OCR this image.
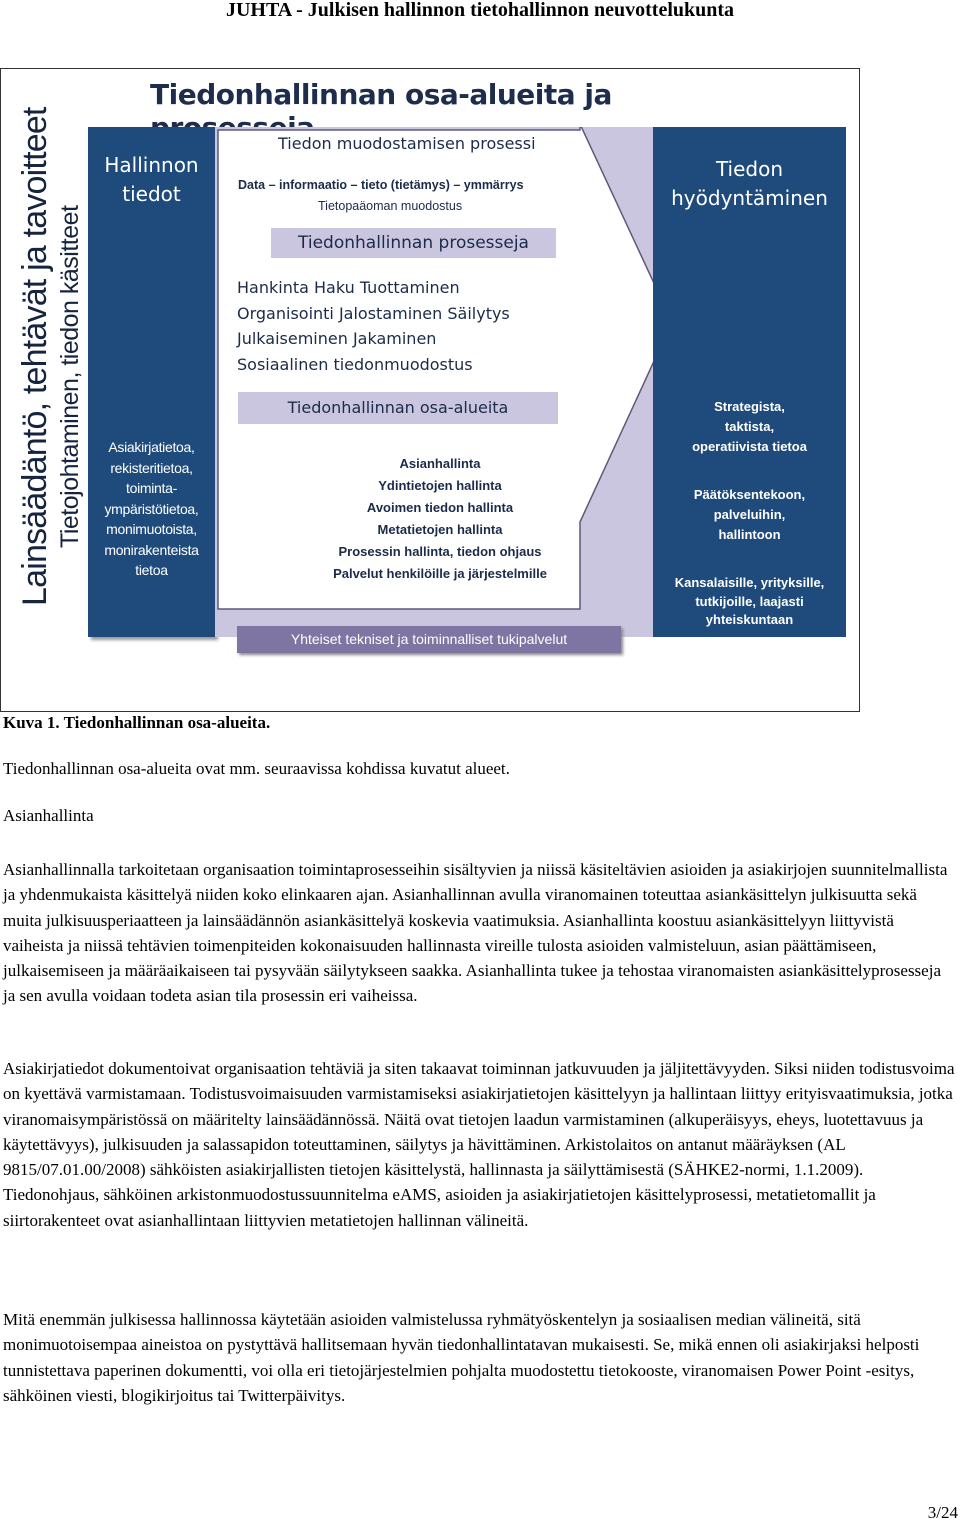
JUHTA - Julkisen hallinnon tietohallinnon neuvottelukunta
Tiedonhallinnan osa-alueita ja
Lainsäädäntö, tehtävät ja tavoitteet Tietojohtaminen, tiedon käsitteet
Hallinnon
tiedot
Asiakirjatietoa,
rekisteritietoa,
toiminta-
ympäristötietoa,
monimuotoista,
monirakenteista
tietoa
Tiedon muodostamisen prosessi
Data – informaatio – tieto (tietämys) – ymmärrys
Tietopaäoman muodostus
Tiedonhallinnan prosesseja
Hankinta Haku Tuottaminen
Organisointi Jalostaminen Säilytys
Julkaiseminen Jakaminen
Sosiaalinen tiedonmuodostus
Tiedonhallinnan osa-alueita
Asianhallinta
Ydintietojen hallinta
Avoimen tiedon hallinta
Metatietojen hallinta
Prosessin hallinta, tiedon ohjaus
Palvelut henkilöille ja järjestelmille
Tiedon
hyödyntäminen
Strategista,
taktista,
operatiivista tietoa
Päätöksentekoon,
palveluihin,
hallintoon
Kansalaisille, yrityksille,
tutkijoille, laajasti
yhteiskuntaan
Yhteiset tekniset ja toiminnalliset tukipalvelut
Kuva 1. Tiedonhallinnan osa-alueita.
Tiedonhallinnan osa-alueita ovat mm. seuraavissa kohdissa kuvatut alueet.
Asianhallinta
Asianhallinnalla tarkoitetaan organisaation toimintaprosesseihin sisältyvien ja niissä käsiteltävien asioiden ja asiakirjojen suunnitelmallista ja yhdenmukaista käsittelyä niiden koko elinkaaren ajan. Asianhallinnan avulla viranomainen toteuttaa asiankäsittelyn julkisuutta sekä muita julkisuusperiaatteen ja lainsäädännön asiankäsittelyä koskevia vaatimuksia. Asianhallinta koostuu asiankäsittelyyn liittyvistä vaiheista ja niissä tehtävien toimenpiteiden kokonaisuuden hallinnasta vireille tulosta asioiden valmisteluun, asian päättämiseen, julkaisemiseen ja määräaikaiseen tai pysyvään säilytykseen saakka. Asianhallinta tukee ja tehostaa viranomaisten asiankäsittelyprosesseja ja sen avulla voidaan todeta asian tila prosessin eri vaiheissa.
Asiakirjatiedot dokumentoivat organisaation tehtäviä ja siten takaavat toiminnan jatkuvuuden ja jäljitettävyyden. Siksi niiden todistusvoima on kyettävä varmistamaan. Todistusvoimaisuuden varmistamiseksi asiakirjatietojen käsittelyyn ja hallintaan liittyy erityisvaatimuksia, jotka viranomaisympäristössä on määritelty lainsäädännössä. Näitä ovat tietojen laadun varmistaminen (alkuperäisyys, eheys, luotettavuus ja käytettävyys), julkisuuden ja salassapidon toteuttaminen, säilytys ja hävittäminen. Arkistolaitos on antanut määräyksen (AL 9815/07.01.00/2008) sähköisten asiakirjallisten tietojen käsittelystä, hallinnasta ja säilyttämisestä (SÄHKE2-normi, 1.1.2009). Tiedonohjaus, sähköinen arkistonmuodostussuunnitelma eAMS, asioiden ja asiakirjatietojen käsittelyprosessi, metatietomallit ja siirtorakenteet ovat asianhallintaan liittyvien metatietojen hallinnan välineitä.
Mitä enemmän julkisessa hallinnossa käytetään asioiden valmistelussa ryhmätyöskentelyn ja sosiaalisen median välineitä, sitä monimuotoisempaa aineistoa on pystyttävä hallitsemaan hyvän tiedonhallintatavan mukaisesti. Se, mikä ennen oli asiakirjaksi helposti tunnistettava paperinen dokumentti, voi olla eri tietojärjestelmien pohjalta muodostettu tietokooste, viranomaisen Power Point -esitys, sähköinen viesti, blogikirjoitus tai Twitterpäivitys.
3/24
